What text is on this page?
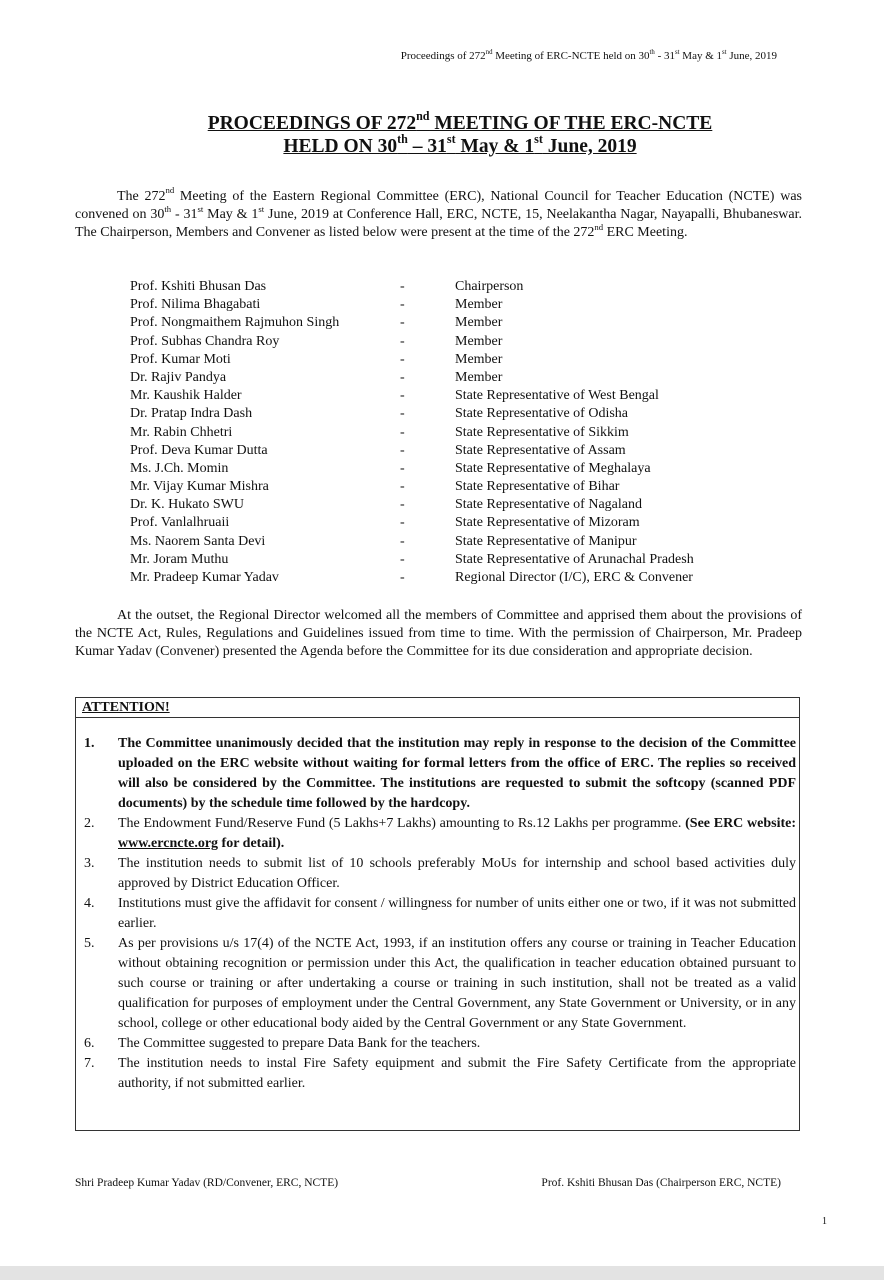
Proceedings of 272nd Meeting of ERC-NCTE held on 30th - 31st May & 1st June, 2019
PROCEEDINGS OF 272nd MEETING OF THE ERC-NCTE
HELD ON 30th – 31st May & 1st June, 2019

The 272nd Meeting of the Eastern Regional Committee (ERC), National Council for Teacher Education (NCTE) was convened on 30th - 31st May & 1st June, 2019 at Conference Hall, ERC, NCTE, 15, Neelakantha Nagar, Nayapalli, Bhubaneswar. The Chairperson, Members and Convener as listed below were present at the time of the 272nd ERC Meeting.

Prof. Kshiti Bhusan Das	-	Chairperson
Prof. Nilima Bhagabati	-	Member
Prof. Nongmaithem Rajmuhon Singh	-	Member
Prof. Subhas Chandra Roy	-	Member
Prof. Kumar Moti	-	Member
Dr. Rajiv Pandya	-	Member
Mr. Kaushik Halder	-	State Representative of West Bengal
Dr. Pratap Indra Dash	-	State Representative of Odisha
Mr. Rabin Chhetri	-	State Representative of Sikkim
Prof. Deva Kumar Dutta	-	State Representative of Assam
Ms. J.Ch. Momin	-	State Representative of Meghalaya
Mr. Vijay Kumar Mishra	-	State Representative of Bihar
Dr. K. Hukato SWU	-	State Representative of Nagaland
Prof. Vanlalhruaii	-	State Representative of Mizoram
Ms. Naorem Santa Devi	-	State Representative of Manipur
Mr. Joram Muthu	-	State Representative of Arunachal Pradesh
Mr. Pradeep Kumar Yadav	-	Regional Director (I/C), ERC & Convener

At the outset, the Regional Director welcomed all the members of Committee and apprised them about the provisions of the NCTE Act, Rules, Regulations and Guidelines issued from time to time. With the permission of Chairperson, Mr. Pradeep Kumar Yadav (Convener) presented the Agenda before the Committee for its due consideration and appropriate decision.

ATTENTION!
1.	The Committee unanimously decided that the institution may reply in response to the decision of the Committee uploaded on the ERC website without waiting for formal letters from the office of ERC. The replies so received will also be considered by the Committee. The institutions are requested to submit the softcopy (scanned PDF documents) by the schedule time followed by the hardcopy.
2.	The Endowment Fund/Reserve Fund (5 Lakhs+7 Lakhs) amounting to Rs.12 Lakhs per programme. (See ERC website: www.ercncte.org for detail).
3.	The institution needs to submit list of 10 schools preferably MoUs for internship and school based activities duly approved by District Education Officer.
4.	Institutions must give the affidavit for consent / willingness for number of units either one or two, if it was not submitted earlier.
5.	As per provisions u/s 17(4) of the NCTE Act, 1993, if an institution offers any course or training in Teacher Education without obtaining recognition or permission under this Act, the qualification in teacher education obtained pursuant to such course or training or after undertaking a course or training in such institution, shall not be treated as a valid qualification for purposes of employment under the Central Government, any State Government or University, or in any school, college or other educational body aided by the Central Government or any State Government.
6.	The Committee suggested to prepare Data Bank for the teachers.
7.	The institution needs to instal Fire Safety equipment and submit the Fire Safety Certificate from the appropriate authority, if not submitted earlier.
Shri Pradeep Kumar Yadav (RD/Convener, ERC, NCTE)	Prof. Kshiti Bhusan Das (Chairperson ERC, NCTE)
1
